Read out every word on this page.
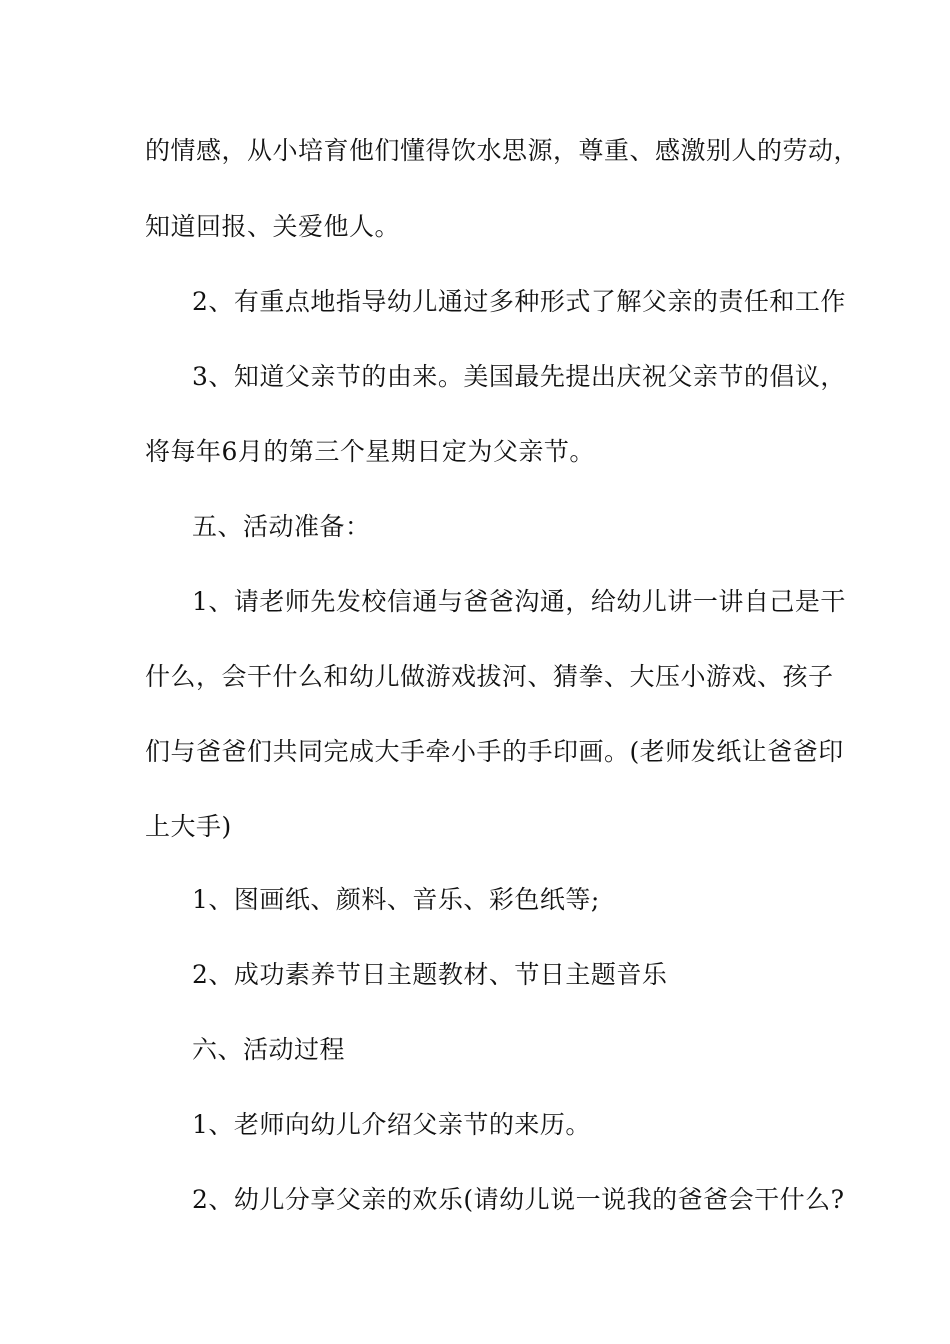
的情感，从小培育他们懂得饮水思源，尊重、感激别人的劳动，
知道回报、关爱他人。
2、有重点地指导幼儿通过多种形式了解父亲的责任和工作
3、知道父亲节的由来。美国最先提出庆祝父亲节的倡议，
将每年6月的第三个星期日定为父亲节。
五、活动准备：
1、请老师先发校信通与爸爸沟通，给幼儿讲一讲自己是干
什么，会干什么和幼儿做游戏拔河、猜拳、大压小游戏、孩子
们与爸爸们共同完成大手牵小手的手印画。(老师发纸让爸爸印
上大手)
1、图画纸、颜料、音乐、彩色纸等;
2、成功素养节日主题教材、节日主题音乐
六、活动过程
1、老师向幼儿介绍父亲节的来历。
2、幼儿分享父亲的欢乐(请幼儿说一说我的爸爸会干什么?
